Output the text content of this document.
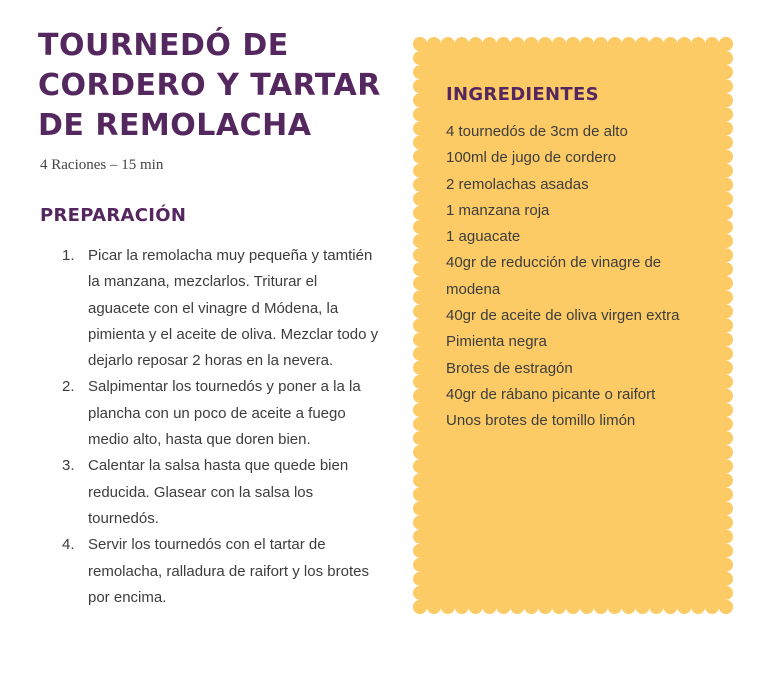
TOURNEDÓ DE CORDERO Y TARTAR DE REMOLACHA
4 Raciones – 15 min
PREPARACIÓN
1. Picar la remolacha muy pequeña y tamtién la manzana, mezclarlos. Triturar el aguacete con el vinagre d Módena, la pimienta y el aceite de oliva. Mezclar todo y dejarlo reposar 2 horas en la nevera.
2. Salpimentar los tournedós y poner a la la plancha con un poco de aceite a fuego medio alto, hasta que doren bien.
3. Calentar la salsa hasta que quede bien reducida. Glasear con la salsa los tournedós.
4. Servir los tournedós con el tartar de remolacha, ralladura de raifort y los brotes por encima.
INGREDIENTES
4 tournedós de 3cm de alto
100ml de jugo de cordero
2 remolachas asadas
1 manzana roja
1 aguacate
40gr de reducción de vinagre de modena
40gr de aceite de oliva virgen extra
Pimienta negra
Brotes de estragón
40gr de rábano picante o raifort
Unos brotes de tomillo limón
